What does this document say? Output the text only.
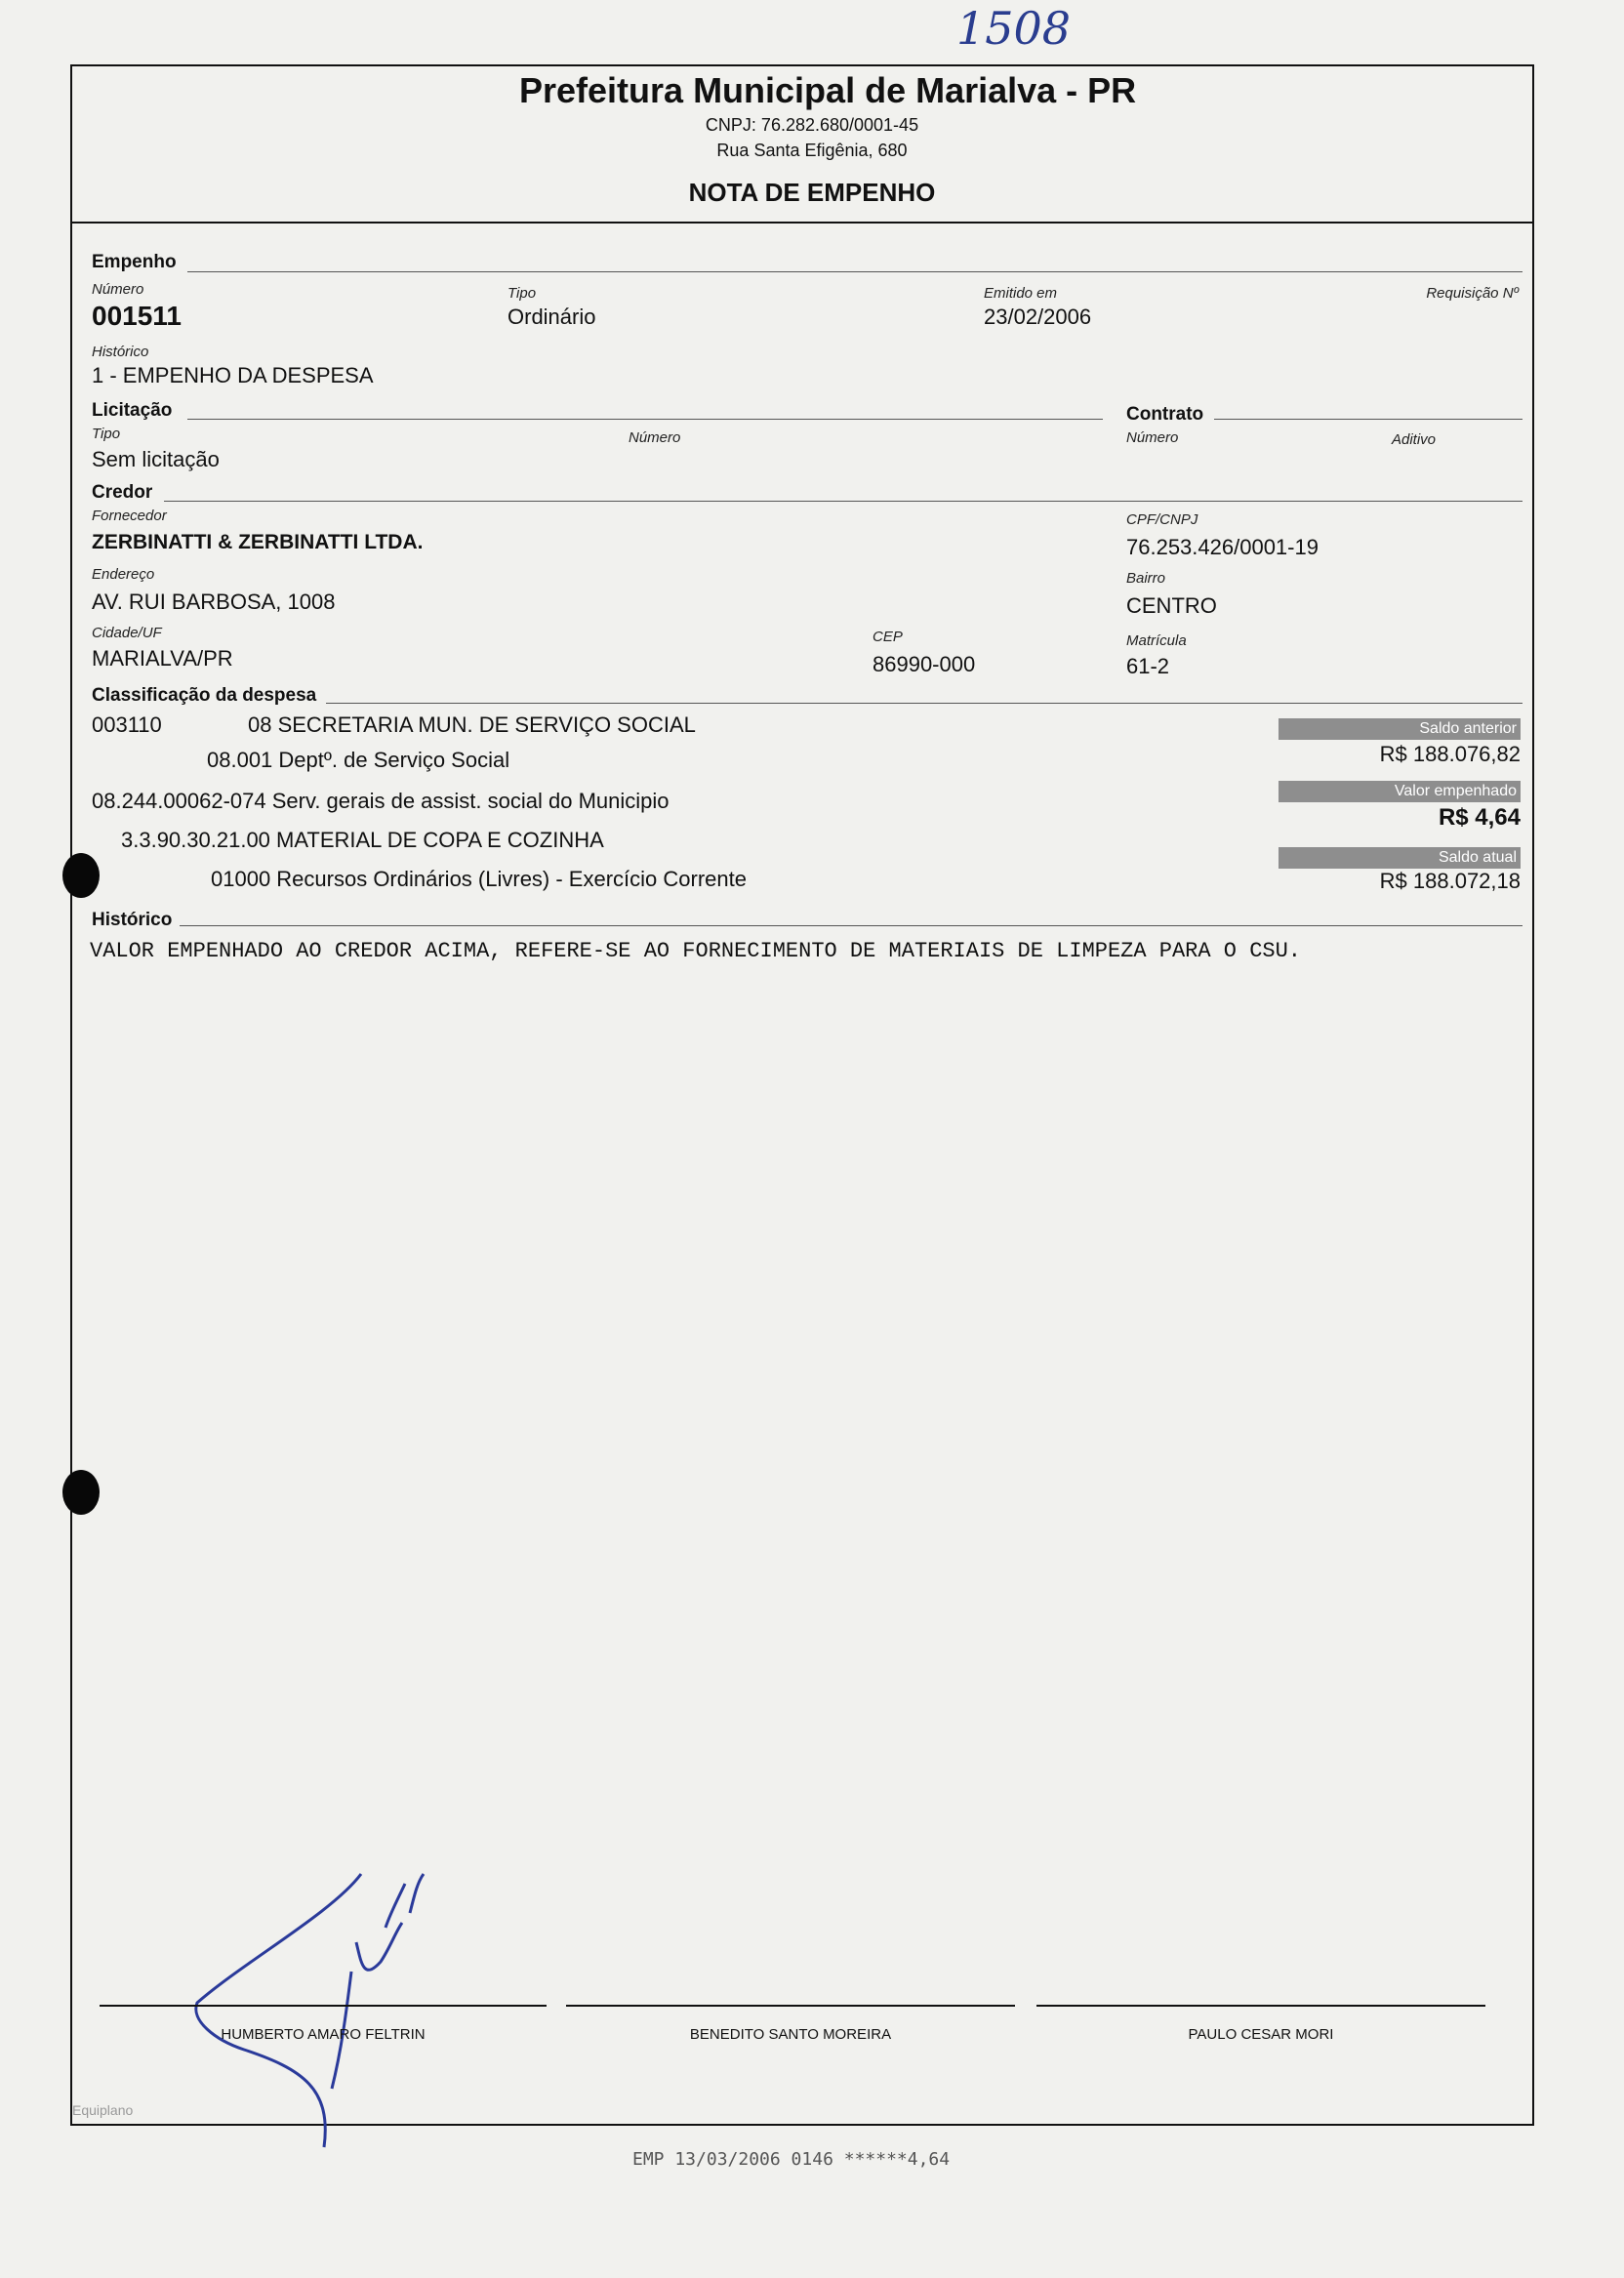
1508
Prefeitura Municipal de Marialva - PR
CNPJ: 76.282.680/0001-45
Rua Santa Efigênia, 680
NOTA DE EMPENHO
Empenho
Número
001511
Tipo
Ordinário
Emitido em
23/02/2006
Requisição Nº
Histórico
1 - EMPENHO DA DESPESA
Licitação	Contrato
Tipo
Sem licitação
Número	Número	Aditivo
Credor
Fornecedor
ZERBINATTI & ZERBINATTI LTDA.
CPF/CNPJ
76.253.426/0001-19
Endereço
AV. RUI BARBOSA, 1008
Bairro
CENTRO
Cidade/UF
MARIALVA/PR
CEP
86990-000
Matrícula
61-2
Classificação da despesa
003110	08 SECRETARIA MUN. DE SERVIÇO SOCIAL
08.001 Deptº. de Serviço Social
08.244.00062-074 Serv. gerais de assist. social do Municipio
3.3.90.30.21.00 MATERIAL DE COPA E COZINHA
01000 Recursos Ordinários (Livres) - Exercício Corrente
Saldo anterior
R$ 188.076,82
Valor empenhado
R$ 4,64
Saldo atual
R$ 188.072,18
Histórico
VALOR EMPENHADO AO CREDOR ACIMA, REFERE-SE AO FORNECIMENTO DE MATERIAIS DE LIMPEZA PARA O CSU.
HUMBERTO AMARO FELTRIN	BENEDITO SANTO MOREIRA	PAULO CESAR MORI
Equiplano
EMP 13/03/2006 0146 ******4,64
